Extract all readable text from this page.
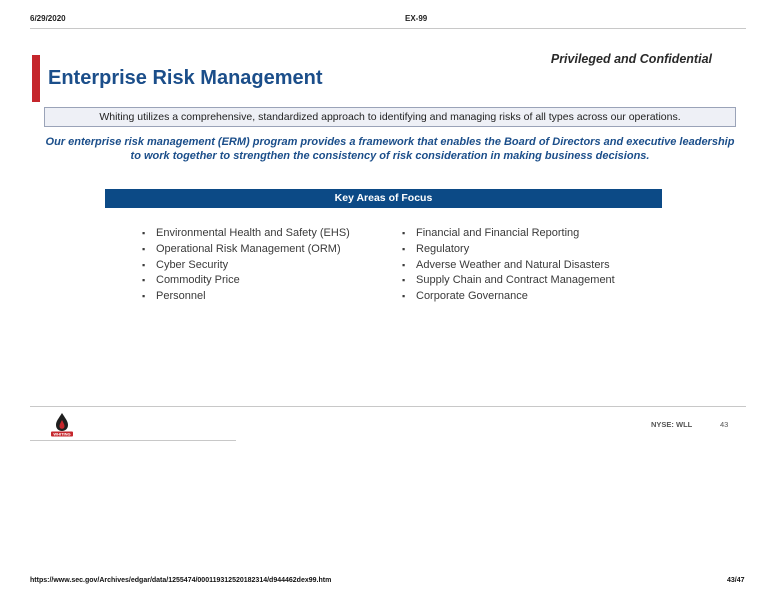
6/29/2020	EX-99
Privileged and Confidential
Enterprise Risk Management
Whiting utilizes a comprehensive, standardized approach to identifying and managing risks of all types across our operations.
Our enterprise risk management (ERM) program provides a framework that enables the Board of Directors and executive leadership to work together to strengthen the consistency of risk consideration in making business decisions.
Key Areas of Focus
▪ Environmental Health and Safety (EHS)
▪ Operational Risk Management (ORM)
▪ Cyber Security
▪ Commodity Price
▪ Personnel
▪ Financial and Financial Reporting
▪ Regulatory
▪ Adverse Weather and Natural Disasters
▪ Supply Chain and Contract Management
▪ Corporate Governance
WHITING
NYSE: WLL	43
https://www.sec.gov/Archives/edgar/data/1255474/000119312520182314/d944462dex99.htm	43/47
